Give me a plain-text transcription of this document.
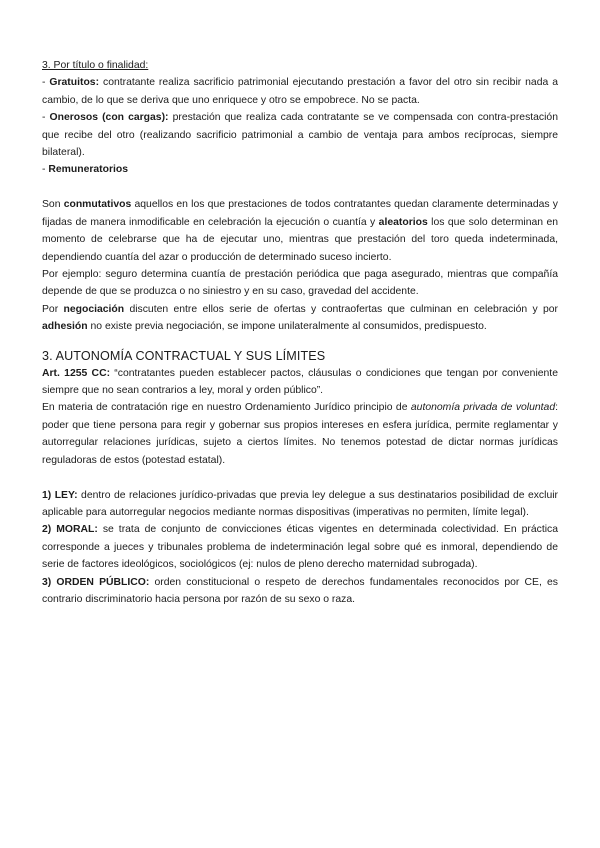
3. Por título o finalidad:

- Gratuitos: contratante realiza sacrificio patrimonial ejecutando prestación a favor del otro sin recibir nada a cambio, de lo que se deriva que uno enriquece y otro se empobrece. No se pacta.

- Onerosos (con cargas): prestación que realiza cada contratante se ve compensada con contra-prestación que recibe del otro (realizando sacrificio patrimonial a cambio de ventaja para ambos recíprocas, siempre bilateral).

- Remuneratorios

Son conmutativos aquellos en los que prestaciones de todos contratantes quedan claramente determinadas y fijadas de manera inmodificable en celebración la ejecución o cuantía y aleatorios los que solo determinan en momento de celebrarse que ha de ejecutar uno, mientras que prestación del toro queda indeterminada, dependiendo cuantía del azar o producción de determinado suceso incierto.

Por ejemplo: seguro determina cuantía de prestación periódica que paga asegurado, mientras que compañía depende de que se produzca o no siniestro y en su caso, gravedad del accidente.

Por negociación discuten entre ellos serie de ofertas y contraofertas que culminan en celebración y por adhesión no existe previa negociación, se impone unilateralmente al consumidos, predispuesto.

3. AUTONOMÍA CONTRACTUAL Y SUS LÍMITES

Art. 1255 CC: “contratantes pueden establecer pactos, cláusulas o condiciones que tengan por conveniente siempre que no sean contrarios a ley, moral y orden público”.

En materia de contratación rige en nuestro Ordenamiento Jurídico principio de autonomía privada de voluntad: poder que tiene persona para regir y gobernar sus propios intereses en esfera jurídica, permite reglamentar y autorregular relaciones jurídicas, sujeto a ciertos límites. No tenemos potestad de dictar normas jurídicas reguladoras de estos (potestad estatal).

1) LEY: dentro de relaciones jurídico-privadas que previa ley delegue a sus destinatarios posibilidad de excluir aplicable para autorregular negocios mediante normas dispositivas (imperativas no permiten, límite legal).

2) MORAL: se trata de conjunto de convicciones éticas vigentes en determinada colectividad. En práctica corresponde a jueces y tribunales problema de indeterminación legal sobre qué es inmoral, dependiendo de serie de factores ideológicos, sociológicos (ej: nulos de pleno derecho maternidad subrogada).

3) ORDEN PÚBLICO: orden constitucional o respeto de derechos fundamentales reconocidos por CE, es contrario discriminatorio hacia persona por razón de su sexo o raza.
